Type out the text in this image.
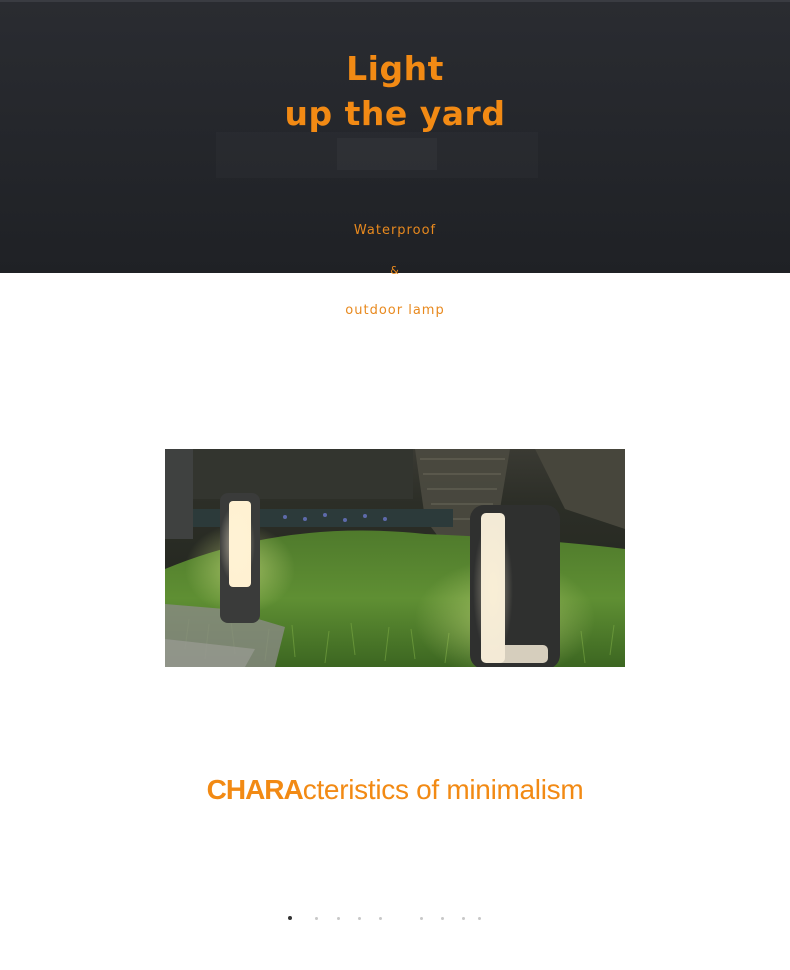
Light
up the yard
Waterproof
&
outdoor lamp
CHARActeristics of minimalism
